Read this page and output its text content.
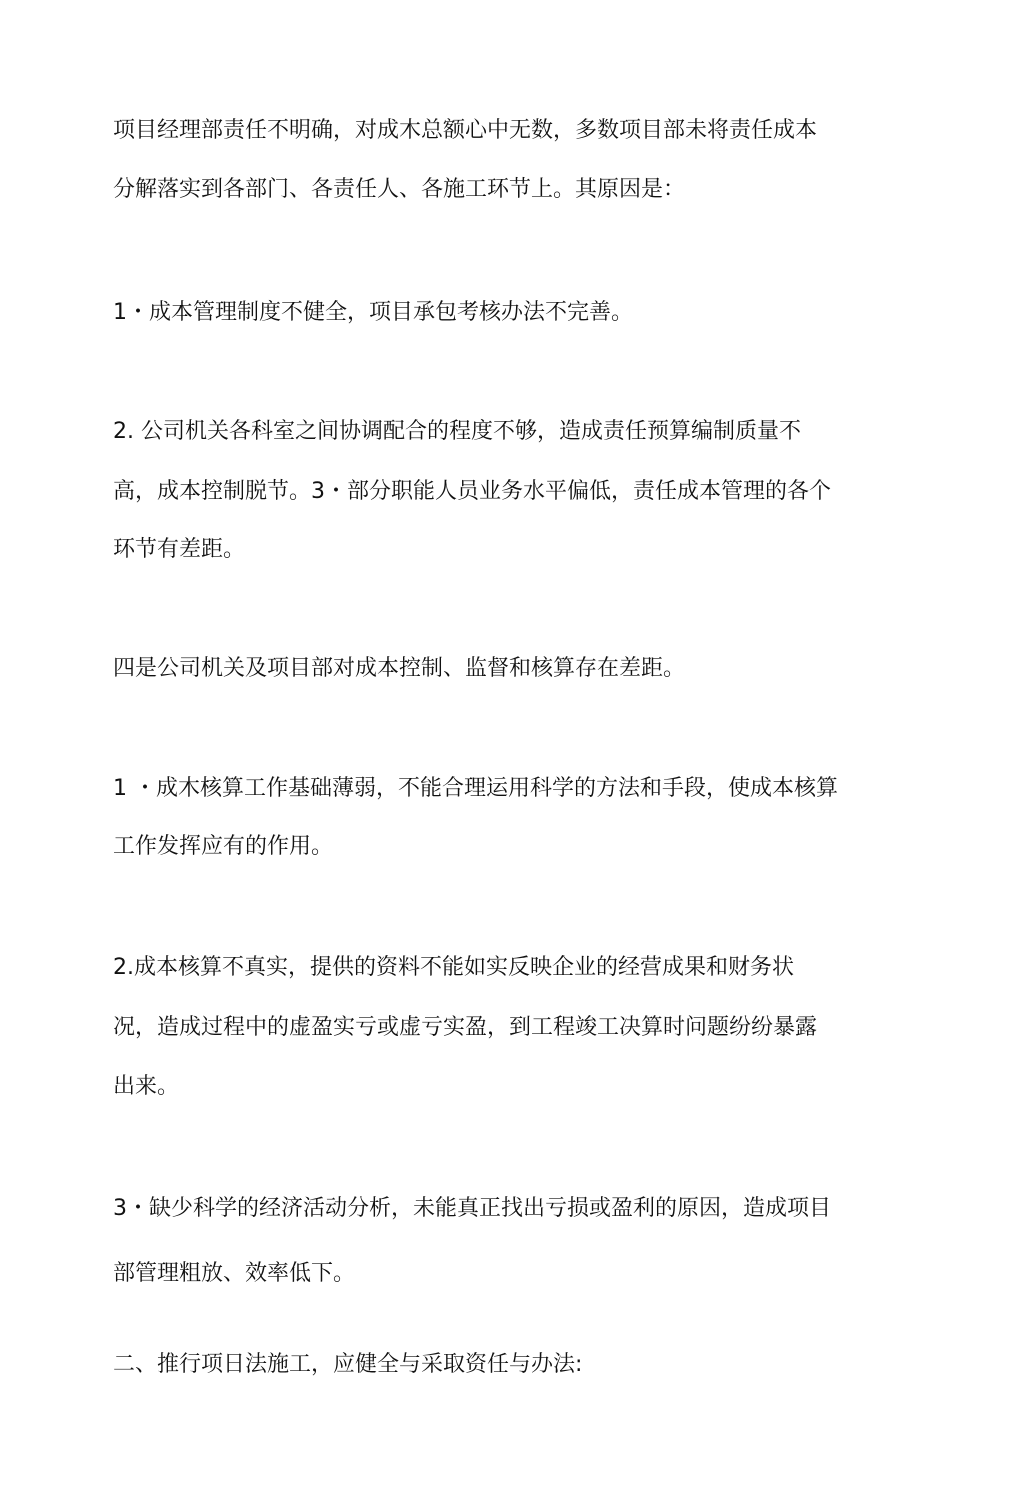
项目经理部责任不明确，对成木总额心中无数，多数项目部未将责任成本
分解落实到各部门、各责任人、各施工环节上。其原因是：
1・成本管理制度不健全，项目承包考核办法不完善。
2. 公司机关各科室之间协调配合的程度不够，造成责任预算编制质量不
高，成本控制脱节。3・部分职能人员业务水平偏低，责任成本管理的各个
环节有差距。
四是公司机关及项目部对成本控制、监督和核算存在差距。
1 ・成木核算工作基础薄弱，不能合理运用科学的方法和手段，使成本核算
工作发挥应有的作用。
2.成本核算不真实，提供的资料不能如实反映企业的经营成果和财务状
况，造成过程中的虚盈实亏或虚亏实盈，到工程竣工决算时问题纷纷暴露
出来。
3・缺少科学的经济活动分析，未能真正找出亏损或盈利的原因，造成项目
部管理粗放、效率低下。
二、推行项日法施工，应健全与采取资任与办法:
